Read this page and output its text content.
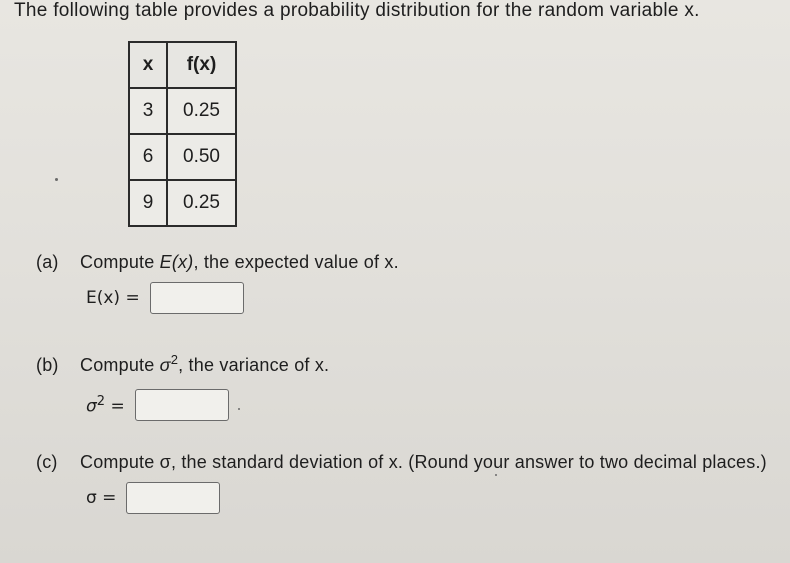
The following table provides a probability distribution for the random variable x.
x	f(x)
3	0.25
6	0.50
9	0.25
(a) Compute E(x), the expected value of x.
E(x) =
(b) Compute $\sigma^2$, the variance of x.
$\sigma^2$ =
(c) Compute σ, the standard deviation of x. (Round your answer to two decimal places.)
σ =
